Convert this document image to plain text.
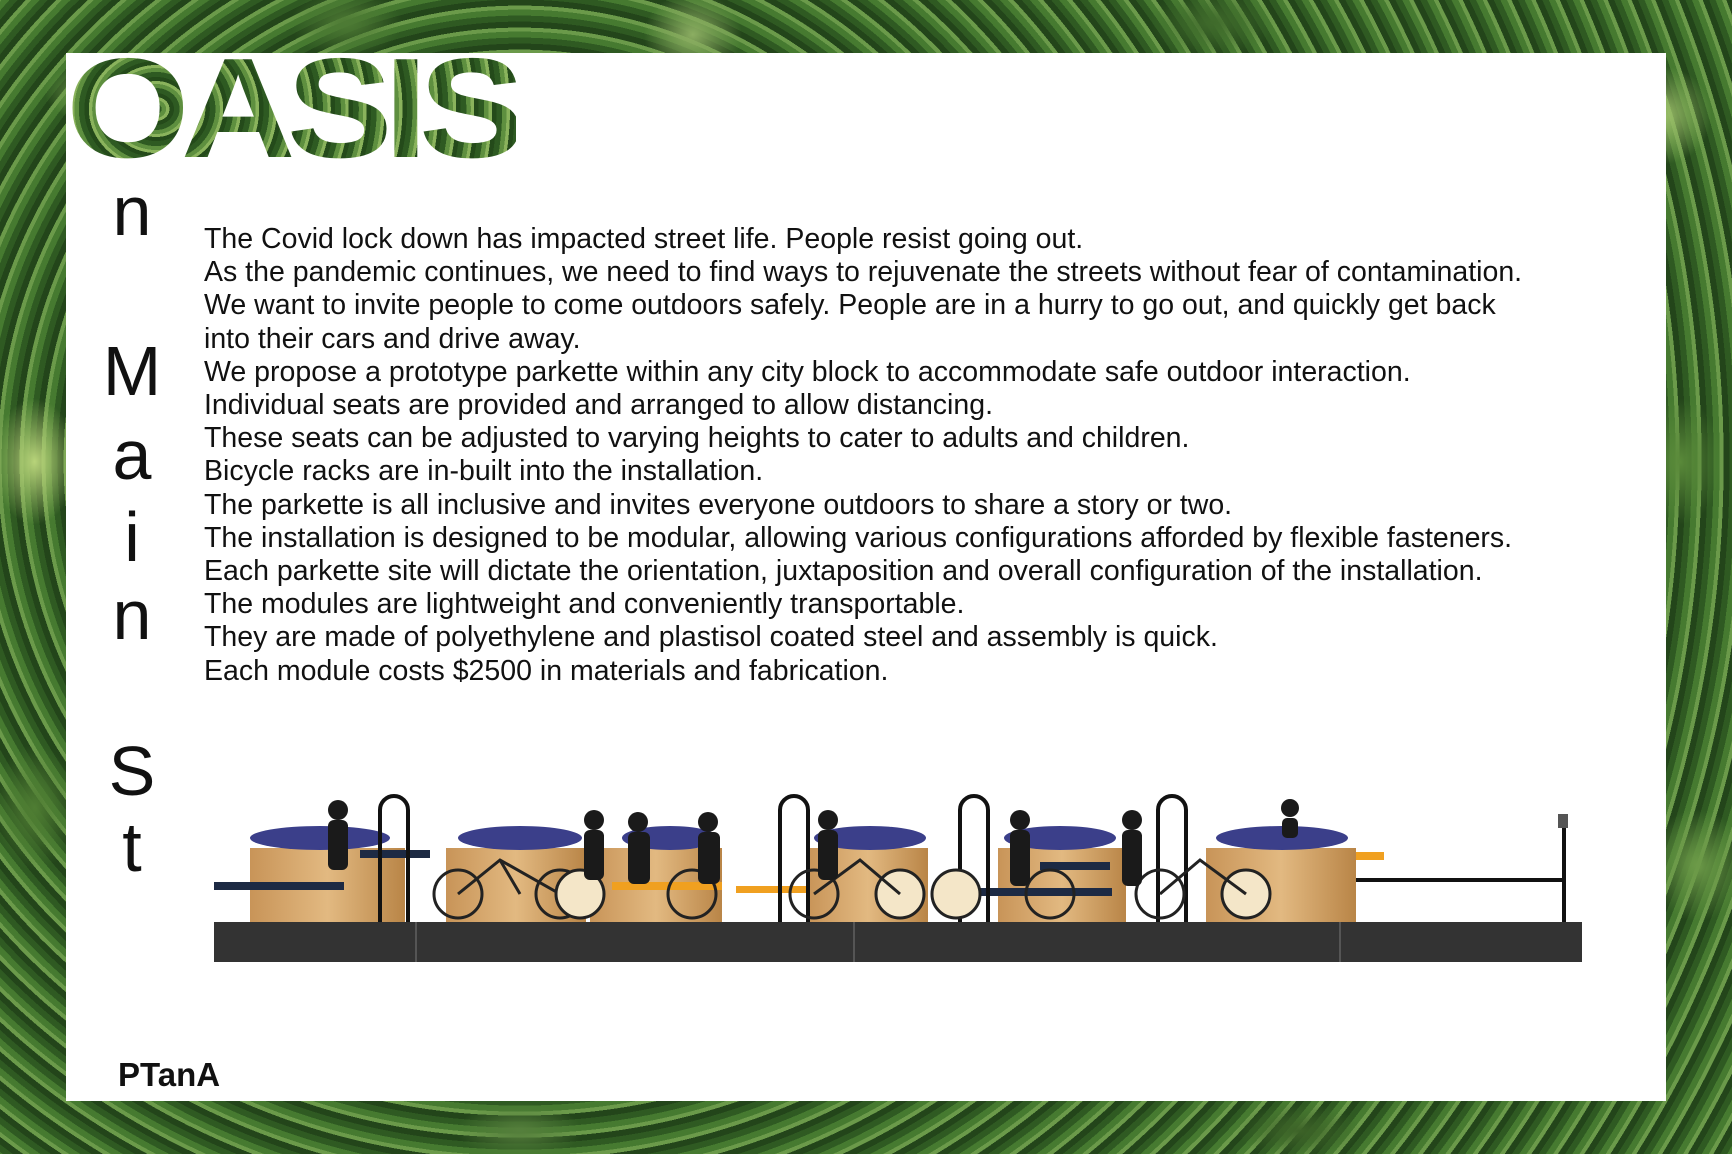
OASIS
n
M
a
i
n
S
t
The Covid lock down has impacted street life. People resist going out.
As the pandemic continues, we need to find ways to rejuvenate the streets without fear of contamination.
We want to invite people to come outdoors safely. People are in a hurry to go out, and quickly get back
into their cars and drive away.
We propose a prototype parkette within any city block to accommodate safe outdoor interaction.
Individual seats are provided and arranged to allow distancing.
These seats can be adjusted to varying heights to cater to adults and children.
Bicycle racks are in-built into the installation.
The parkette is all inclusive and invites everyone outdoors to share a story or two.
The installation is designed to be modular, allowing various configurations afforded by flexible fasteners.
Each parkette site will dictate the orientation, juxtaposition and overall configuration of the installation.
The modules are lightweight and conveniently transportable.
They are made of polyethylene and plastisol coated steel and assembly is quick.
Each module costs $2500 in materials and fabrication.
PTanA
